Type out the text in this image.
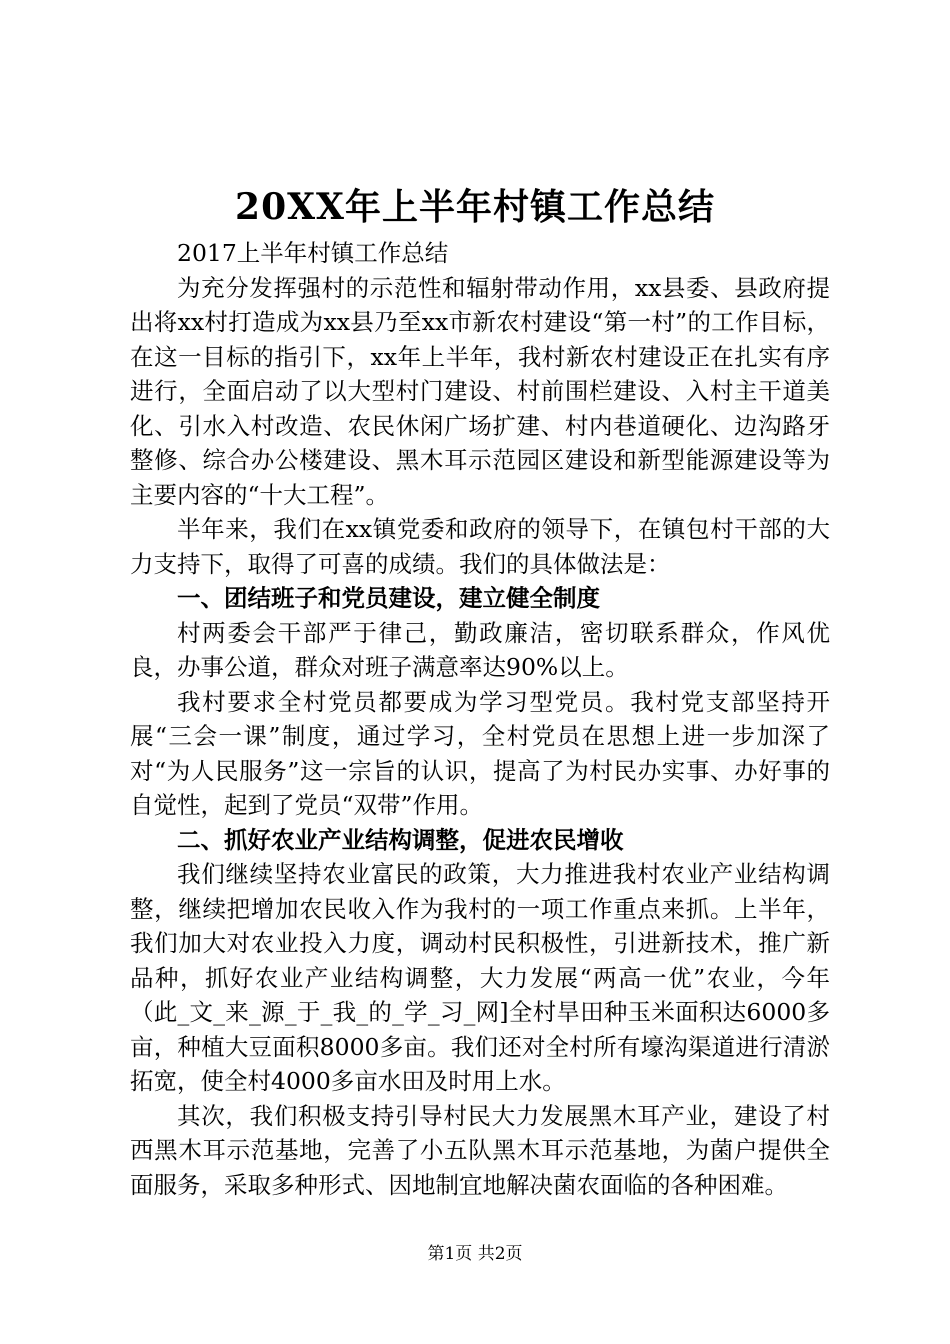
20XX年上半年村镇工作总结

2017上半年村镇工作总结

为充分发挥强村的示范性和辐射带动作用，xx县委、县政府提出将xx村打造成为xx县乃至xx市新农村建设“第一村”的工作目标，在这一目标的指引下，xx年上半年，我村新农村建设正在扎实有序进行，全面启动了以大型村门建设、村前围栏建设、入村主干道美化、引水入村改造、农民休闲广场扩建、村内巷道硬化、边沟路牙整修、综合办公楼建设、黑木耳示范园区建设和新型能源建设等为主要内容的“十大工程”。

半年来，我们在xx镇党委和政府的领导下，在镇包村干部的大力支持下，取得了可喜的成绩。我们的具体做法是：

一、团结班子和党员建设，建立健全制度

村两委会干部严于律己，勤政廉洁，密切联系群众，作风优良，办事公道，群众对班子满意率达90%以上。

我村要求全村党员都要成为学习型党员。我村党支部坚持开展“三会一课”制度，通过学习，全村党员在思想上进一步加深了对“为人民服务”这一宗旨的认识，提高了为村民办实事、办好事的自觉性，起到了党员“双带”作用。

二、抓好农业产业结构调整，促进农民增收

我们继续坚持农业富民的政策，大力推进我村农业产业结构调整，继续把增加农民收入作为我村的一项工作重点来抓。上半年，我们加大对农业投入力度，调动村民积极性，引进新技术，推广新品种，抓好农业产业结构调整，大力发展“两高一优”农业，今年（此_文_来_源_于_我_的_学_习_网]全村旱田种玉米面积达6000多亩，种植大豆面积8000多亩。我们还对全村所有壕沟渠道进行清淤拓宽，使全村4000多亩水田及时用上水。

其次，我们积极支持引导村民大力发展黑木耳产业，建设了村西黑木耳示范基地，完善了小五队黑木耳示范基地，为菌户提供全面服务，采取多种形式、因地制宜地解决菌农面临的各种困难。

第1页 共2页
